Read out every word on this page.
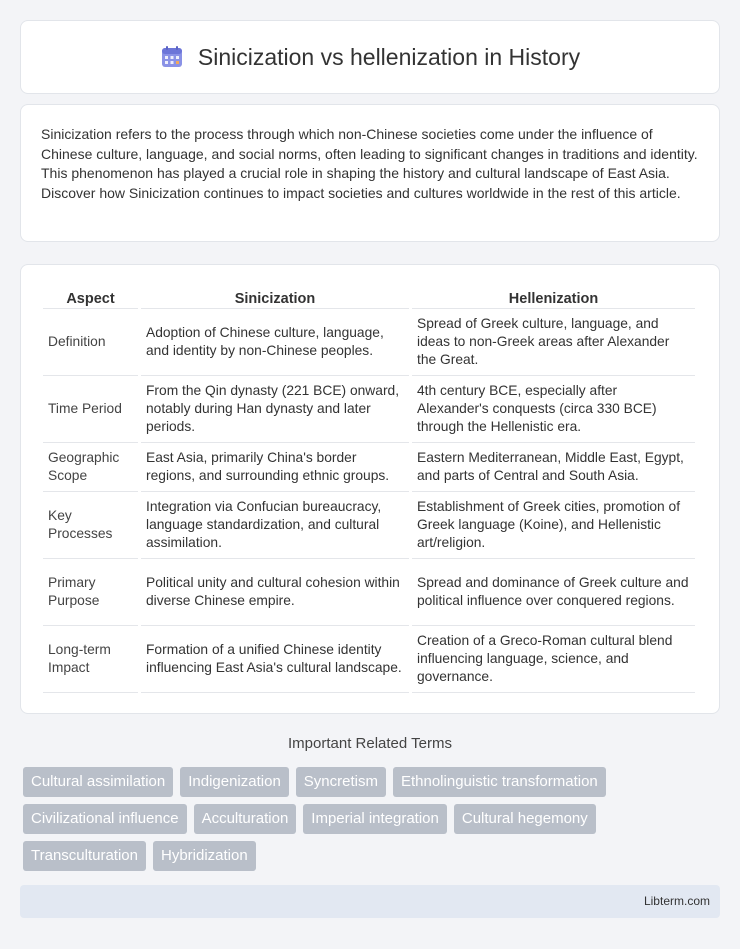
Sinicization vs hellenization in History

Sinicization refers to the process through which non-Chinese societies come under the influence of Chinese culture, language, and social norms, often leading to significant changes in traditions and identity. This phenomenon has played a crucial role in shaping the history and cultural landscape of East Asia. Discover how Sinicization continues to impact societies and cultures worldwide in the rest of this article.

Aspect	Sinicization	Hellenization
Definition	Adoption of Chinese culture, language, and identity by non-Chinese peoples.	Spread of Greek culture, language, and ideas to non-Greek areas after Alexander the Great.
Time Period	From the Qin dynasty (221 BCE) onward, notably during Han dynasty and later periods.	4th century BCE, especially after Alexander's conquests (circa 330 BCE) through the Hellenistic era.
Geographic Scope	East Asia, primarily China's border regions, and surrounding ethnic groups.	Eastern Mediterranean, Middle East, Egypt, and parts of Central and South Asia.
Key Processes	Integration via Confucian bureaucracy, language standardization, and cultural assimilation.	Establishment of Greek cities, promotion of Greek language (Koine), and Hellenistic art/religion.
Primary Purpose	Political unity and cultural cohesion within diverse Chinese empire.	Spread and dominance of Greek culture and political influence over conquered regions.
Long-term Impact	Formation of a unified Chinese identity influencing East Asia's cultural landscape.	Creation of a Greco-Roman cultural blend influencing language, science, and governance.
Important Related Terms
Cultural assimilation	Indigenization	Syncretism	Ethnolinguistic transformation
Civilizational influence	Acculturation	Imperial integration	Cultural hegemony
Transculturation	Hybridization
Libterm.com
